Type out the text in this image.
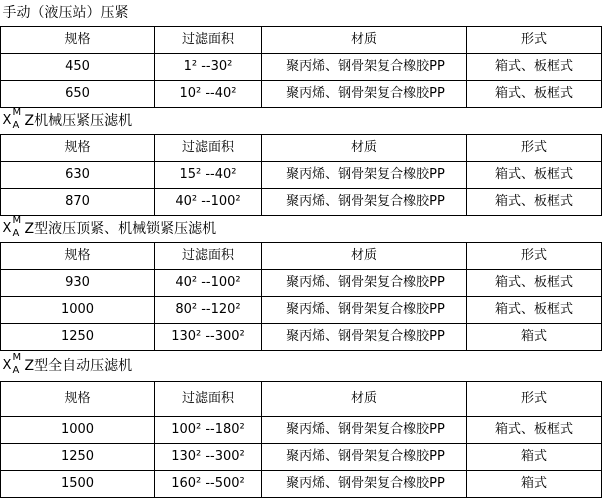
手动（液压站）压紧			
规格	过滤面积	材质	形式
450	1² --30²	聚丙烯、钢骨架复合橡胶PP	箱式、板框式
650	10² --40²	聚丙烯、钢骨架复合橡胶PP	箱式、板框式

X
M
A Z机械压紧压滤机			
规格	过滤面积	材质	形式
630	15² --40²	聚丙烯、钢骨架复合橡胶PP	箱式、板框式
870	40² --100²	聚丙烯、钢骨架复合橡胶PP	箱式、板框式

X
M
A Z型液压顶紧、机械锁紧压滤机			
规格	过滤面积	材质	形式
930	40² --100²	聚丙烯、钢骨架复合橡胶PP	箱式、板框式
1000	80² --120²	聚丙烯、钢骨架复合橡胶PP	箱式、板框式
1250	130² --300²	聚丙烯、钢骨架复合橡胶PP	箱式

X
M
A Z型全自动压滤机			
规格	过滤面积	材质	形式
1000	100² --180²	聚丙烯、钢骨架复合橡胶PP	箱式、板框式
1250	130² --300²	聚丙烯、钢骨架复合橡胶PP	箱式
1500	160² --500²	聚丙烯、钢骨架复合橡胶PP	箱式
